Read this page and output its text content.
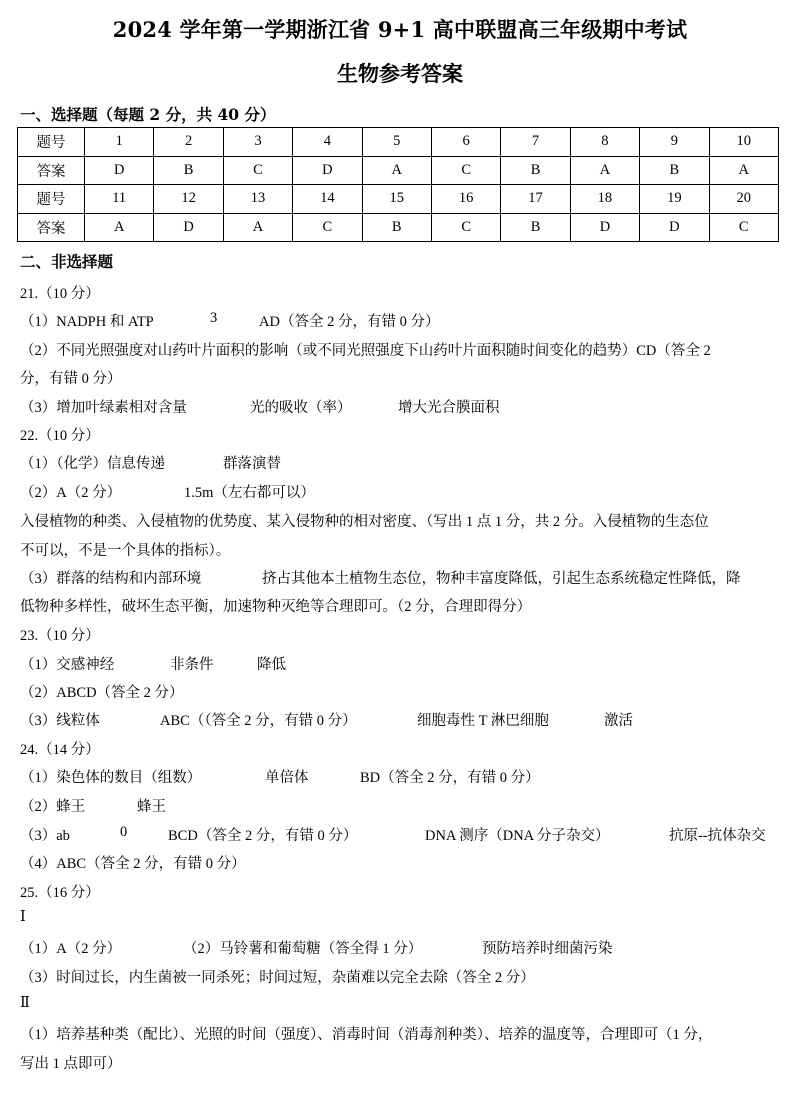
2024 学年第一学期浙江省 9+1 高中联盟高三年级期中考试
生物参考答案
一、选择题（每题 2 分，共 40 分）
题号	1	2	3	4	5	6	7	8	9	10
答案	D	B	C	D	A	C	B	A	B	A
题号	11	12	13	14	15	16	17	18	19	20
答案	A	D	A	C	B	C	B	D	D	C
二、非选择题
21.（10 分）
（1）NADPH 和 ATP	3	AD（答全 2 分，有错 0 分）
（2）不同光照强度对山药叶片面积的影响（或不同光照强度下山药叶片面积随时间变化的趋势）CD（答全 2
分，有错 0 分）
（3）增加叶绿素相对含量	光的吸收（率）	增大光合膜面积
22.（10 分）
（1）（化学）信息传递	群落演替
（2）A（2 分）	1.5m（左右都可以）
入侵植物的种类、入侵植物的优势度、某入侵物种的相对密度、（写出 1 点 1 分，共 2 分。入侵植物的生态位
不可以，不是一个具体的指标）。
（3）群落的结构和内部环境	挤占其他本土植物生态位，物种丰富度降低，引起生态系统稳定性降低，降
低物种多样性，破坏生态平衡，加速物种灭绝等合理即可。（2 分，合理即得分）
23.（10 分）
（1）交感神经	非条件	降低
（2）ABCD（答全 2 分）
（3）线粒体	ABC（（答全 2 分，有错 0 分）	细胞毒性 T 淋巴细胞	激活
24.（14 分）
（1）染色体的数目（组数）	单倍体	BD（答全 2 分，有错 0 分）
（2）蜂王	蜂王
（3）ab	0	BCD（答全 2 分，有错 0 分）	DNA 测序（DNA 分子杂交）	抗原--抗体杂交
（4）ABC（答全 2 分，有错 0 分）
25.（16 分）
Ⅰ
（1）A（2 分）	（2）马铃薯和葡萄糖（答全得 1 分）	预防培养时细菌污染
（3）时间过长，内生菌被一同杀死；时间过短，杂菌难以完全去除（答全 2 分）
Ⅱ
（1）培养基种类（配比）、光照的时间（强度）、消毒时间（消毒剂种类）、培养的温度等，合理即可（1 分，
写出 1 点即可）
